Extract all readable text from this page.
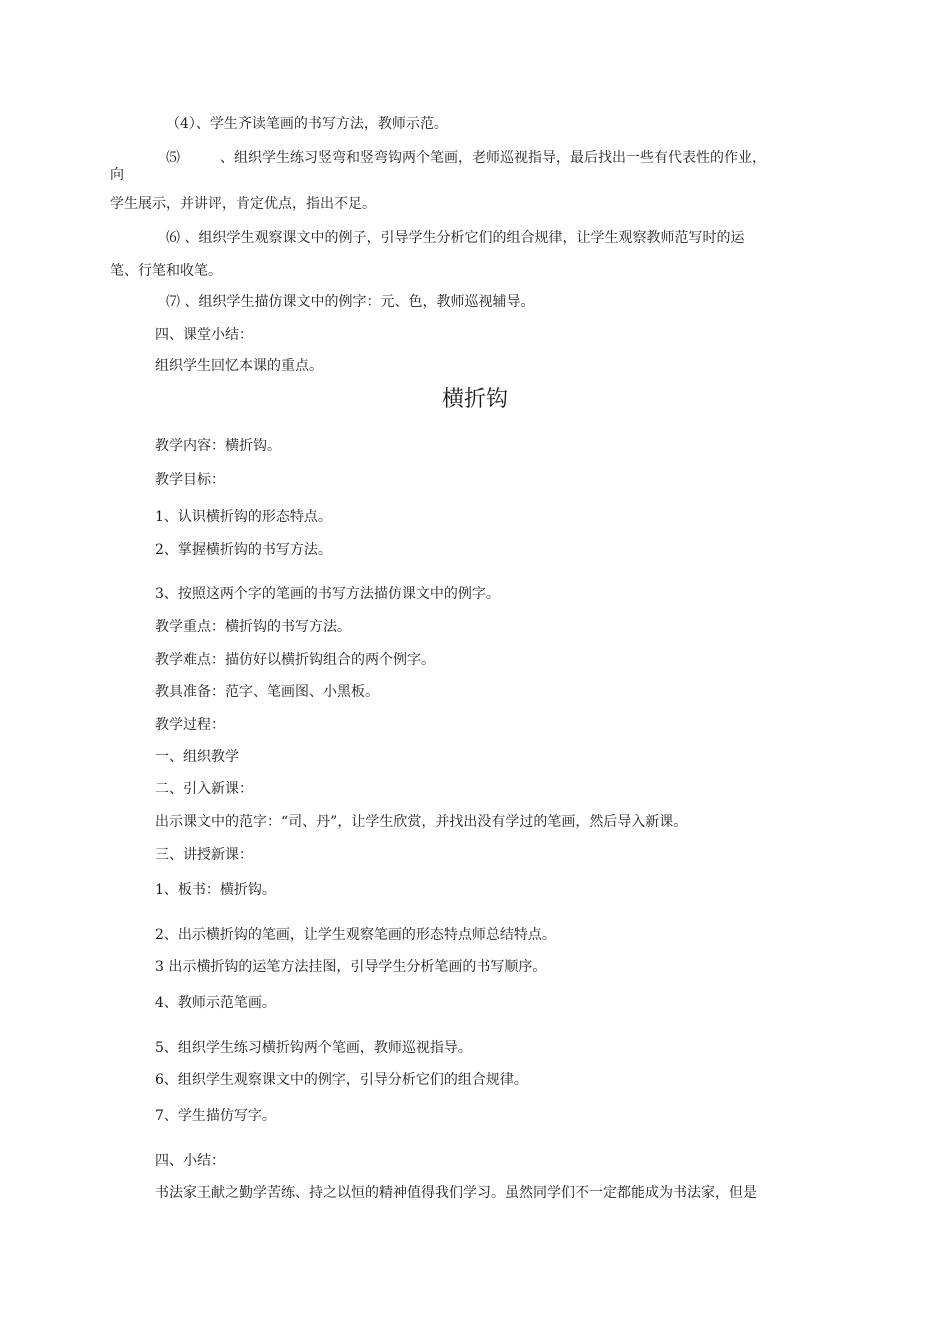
（4）、学生齐读笔画的书写方法，教师示范。
⑸	、组织学生练习竖弯和竖弯钩两个笔画，老师巡视指导，最后找出一些有代表性的作业，
向
学生展示，并讲评，肯定优点，指出不足。
⑹ 、组织学生观察课文中的例子，引导学生分析它们的组合规律，让学生观察教师范写时的运
笔、行笔和收笔。
⑺ 、组织学生描仿课文中的例字：元、色，教师巡视辅导。
四、课堂小结：
组织学生回忆本课的重点。
横折钩
教学内容：横折钩。
教学目标：
1、认识横折钩的形态特点。
2、掌握横折钩的书写方法。
3、按照这两个字的笔画的书写方法描仿课文中的例字。
教学重点：横折钩的书写方法。
教学难点：描仿好以横折钩组合的两个例字。
教具准备：范字、笔画图、小黑板。
教学过程：
一、组织教学
二、引入新课：
出示课文中的范字：“司、丹”，让学生欣赏，并找出没有学过的笔画，然后导入新课。
三、讲授新课：
1、板书：横折钩。
2、出示横折钩的笔画，让学生观察笔画的形态特点师总结特点。
3 出示横折钩的运笔方法挂图，引导学生分析笔画的书写顺序。
4、教师示范笔画。
5、组织学生练习横折钩两个笔画，教师巡视指导。
6、组织学生观察课文中的例字，引导分析它们的组合规律。
7、学生描仿写字。
四、小结：
书法家王献之勤学苦练、持之以恒的精神值得我们学习。虽然同学们不一定都能成为书法家，但是
